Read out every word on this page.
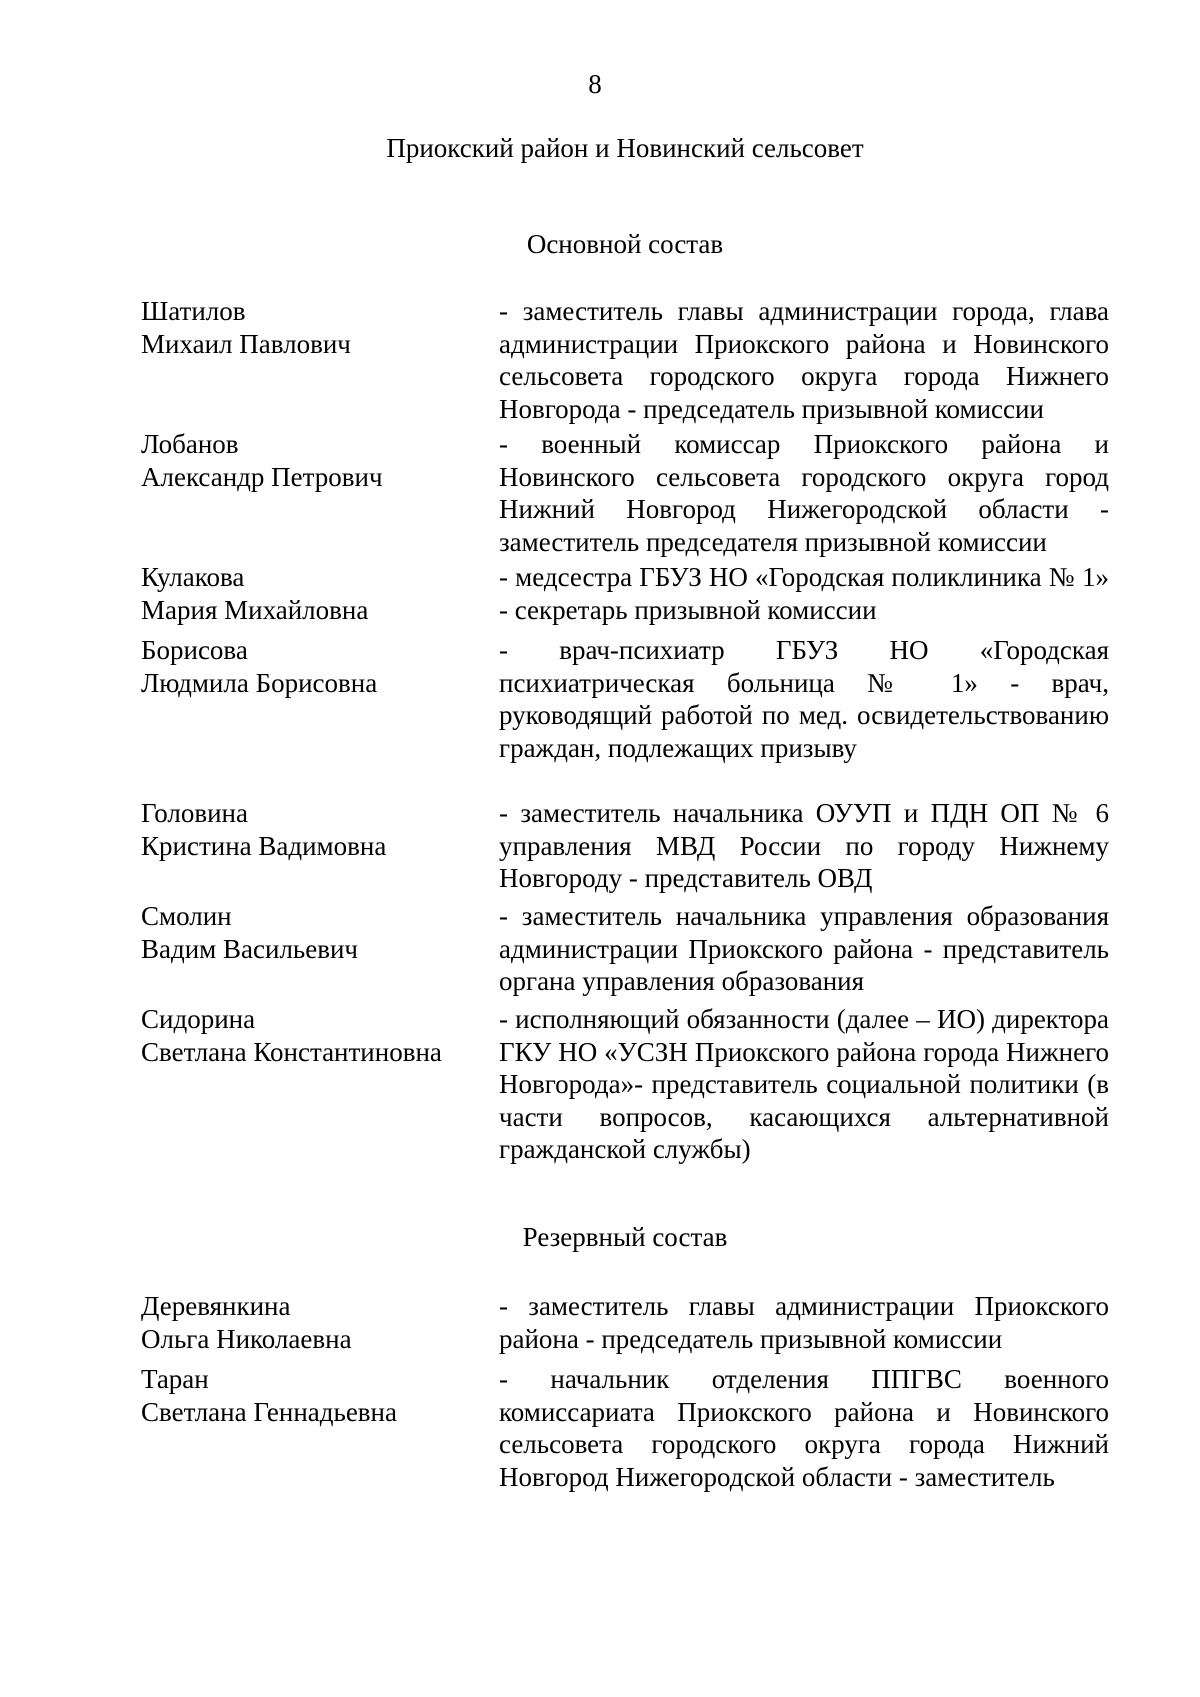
8
Приокский район и Новинский сельсовет
Основной состав
Шатилов
Михаил Павлович
- заместитель главы администрации города, глава администрации Приокского района и Новинского сельсовета городского округа города Нижнего Новгорода - председатель призывной комиссии
Лобанов
Александр Петрович
- военный комиссар Приокского района и Новинского сельсовета городского округа город Нижний Новгород Нижегородской области - заместитель председателя призывной комиссии
Кулакова
Мария Михайловна
- медсестра ГБУЗ НО «Городская поликлиника № 1» - секретарь призывной комиссии
Борисова
Людмила Борисовна
- врач-психиатр ГБУЗ НО «Городская психиатрическая больница № 1» - врач, руководящий работой по мед. освидетельствованию граждан, подлежащих призыву
Головина
Кристина Вадимовна
- заместитель начальника ОУУП и ПДН ОП № 6 управления МВД России по городу Нижнему Новгороду - представитель ОВД
Смолин
Вадим Васильевич
- заместитель начальника управления образования администрации Приокского района - представитель органа управления образования
Сидорина
Светлана Константиновна
- исполняющий обязанности (далее – ИО) директора ГКУ НО «УСЗН Приокского района города Нижнего Новгорода»- представитель социальной политики (в части вопросов, касающихся альтернативной гражданской службы)
Резервный состав
Деревянкина
Ольга Николаевна
- заместитель главы администрации Приокского района - председатель призывной комиссии
Таран
Светлана Геннадьевна
- начальник отделения ППГВС военного комиссариата Приокского района и Новинского сельсовета городского округа города Нижний Новгород Нижегородской области - заместитель
